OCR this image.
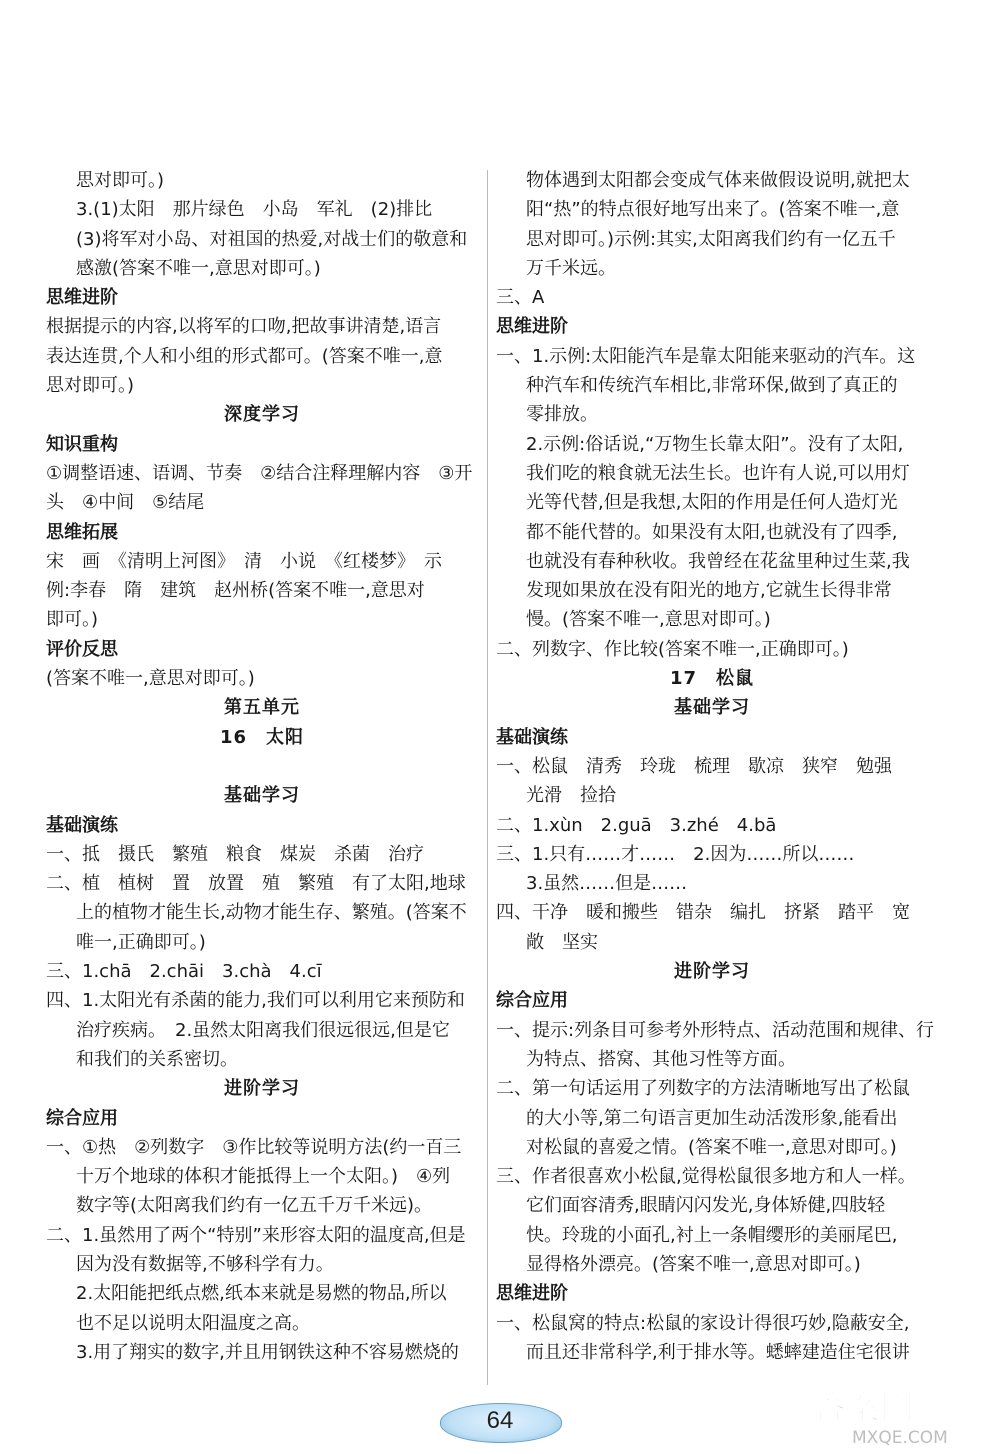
思对即可。)
3.(1)太阳　那片绿色　小岛　军礼　(2)排比
(3)将军对小岛、对祖国的热爱,对战士们的敬意和
感激(答案不唯一,意思对即可。)
思维进阶
根据提示的内容,以将军的口吻,把故事讲清楚,语言
表达连贯,个人和小组的形式都可。(答案不唯一,意
思对即可。)
深度学习
知识重构
①调整语速、语调、节奏　②结合注释理解内容　③开
头　④中间　⑤结尾
思维拓展
宋　画　《清明上河图》　清　小说　《红楼梦》　示
例:李春　隋　建筑　赵州桥(答案不唯一,意思对
即可。)
评价反思
(答案不唯一,意思对即可。)
第五单元
16　太阳
基础学习
基础演练
一、抵　摄氏　繁殖　粮食　煤炭　杀菌　治疗
二、植　植树　置　放置　殖　繁殖　有了太阳,地球
上的植物才能生长,动物才能生存、繁殖。(答案不
唯一,正确即可。)
三、1.chā　2.chāi　3.chà　4.cī
四、1.太阳光有杀菌的能力,我们可以利用它来预防和
治疗疾病。　2.虽然太阳离我们很远很远,但是它
和我们的关系密切。
进阶学习
综合应用
一、①热　②列数字　③作比较等说明方法(约一百三
十万个地球的体积才能抵得上一个太阳。)　④列
数字等(太阳离我们约有一亿五千万千米远)。
二、1.虽然用了两个“特别”来形容太阳的温度高,但是
因为没有数据等,不够科学有力。
2.太阳能把纸点燃,纸本来就是易燃的物品,所以
也不足以说明太阳温度之高。
3.用了翔实的数字,并且用钢铁这种不容易燃烧的
物体遇到太阳都会变成气体来做假设说明,就把太
阳“热”的特点很好地写出来了。(答案不唯一,意
思对即可。)示例:其实,太阳离我们约有一亿五千
万千米远。
三、A
思维进阶
一、1.示例:太阳能汽车是靠太阳能来驱动的汽车。这
种汽车和传统汽车相比,非常环保,做到了真正的
零排放。
2.示例:俗话说,“万物生长靠太阳”。没有了太阳,
我们吃的粮食就无法生长。也许有人说,可以用灯
光等代替,但是我想,太阳的作用是任何人造灯光
都不能代替的。如果没有太阳,也就没有了四季,
也就没有春种秋收。我曾经在花盆里种过生菜,我
发现如果放在没有阳光的地方,它就生长得非常
慢。(答案不唯一,意思对即可。)
二、列数字、作比较(答案不唯一,正确即可。)
17　松鼠
基础学习
基础演练
一、松鼠　清秀　玲珑　梳理　歇凉　狭窄　勉强
光滑　捡拾
二、1.xùn　2.guā　3.zhé　4.bā
三、1.只有……才……　2.因为……所以……
3.虽然……但是……
四、干净　暖和搬些　错杂　编扎　挤紧　踏平　宽
敞　坚实
进阶学习
综合应用
一、提示:列条目可参考外形特点、活动范围和规律、行
为特点、搭窝、其他习性等方面。
二、第一句话运用了列数字的方法清晰地写出了松鼠
的大小等,第二句语言更加生动活泼形象,能看出
对松鼠的喜爱之情。(答案不唯一,意思对即可。)
三、作者很喜欢小松鼠,觉得松鼠很多地方和人一样。
它们面容清秀,眼睛闪闪发光,身体矫健,四肢轻
快。玲珑的小面孔,衬上一条帽缨形的美丽尾巴,
显得格外漂亮。(答案不唯一,意思对即可。)
思维进阶
一、松鼠窝的特点:松鼠的家设计得很巧妙,隐蔽安全,
而且还非常科学,利于排水等。蟋蟀建造住宅很讲
64	答案圈
MXQE.COM
